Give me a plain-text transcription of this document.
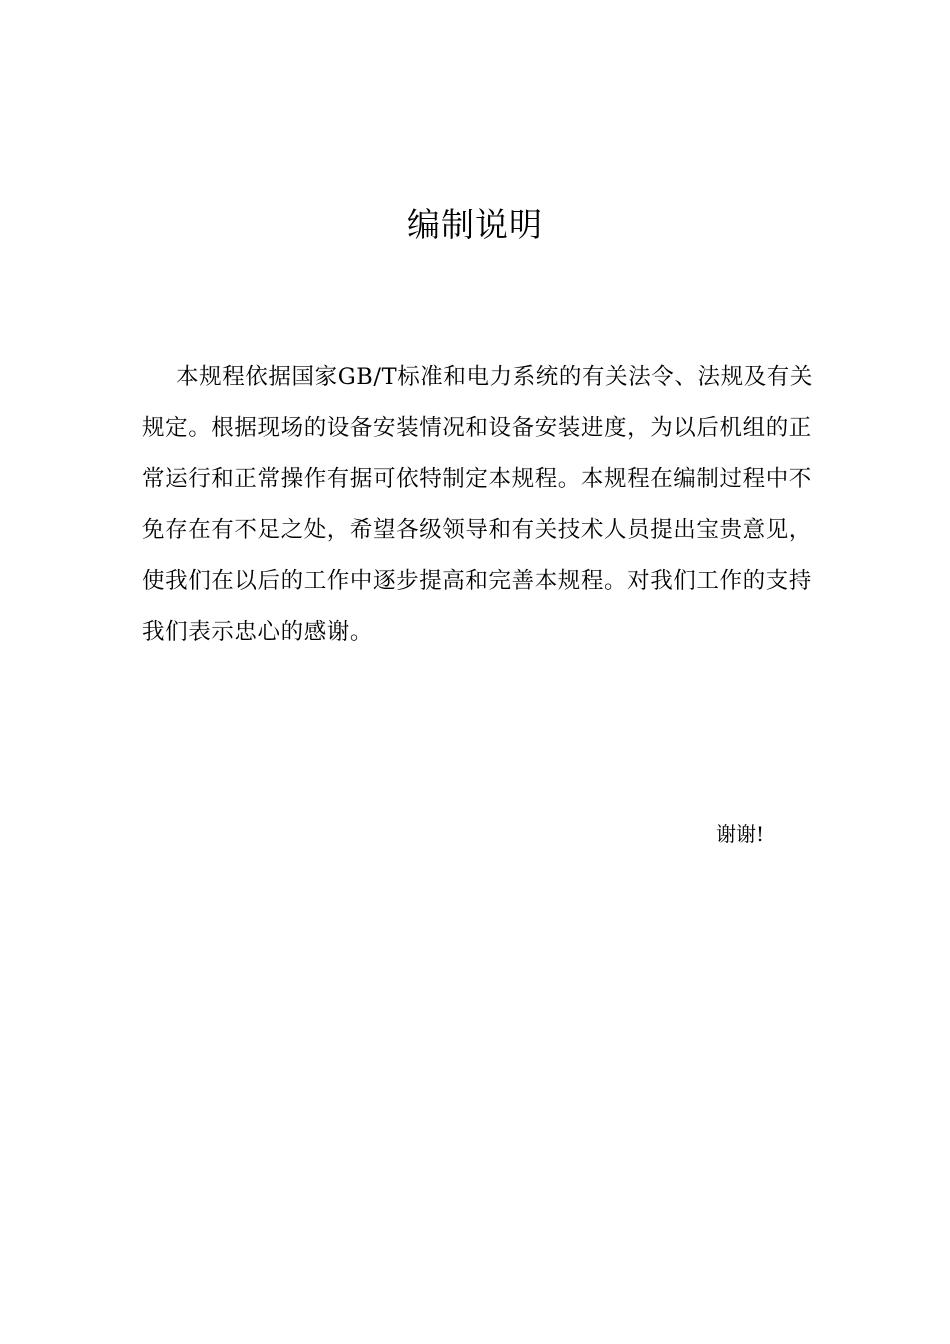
编制说明
本规程依据国家GB/T标准和电力系统的有关法令、法规及有关
规定。根据现场的设备安装情况和设备安装进度，为以后机组的正
常运行和正常操作有据可依特制定本规程。本规程在编制过程中不
免存在有不足之处，希望各级领导和有关技术人员提出宝贵意见，
使我们在以后的工作中逐步提高和完善本规程。对我们工作的支持
我们表示忠心的感谢。
谢谢!
